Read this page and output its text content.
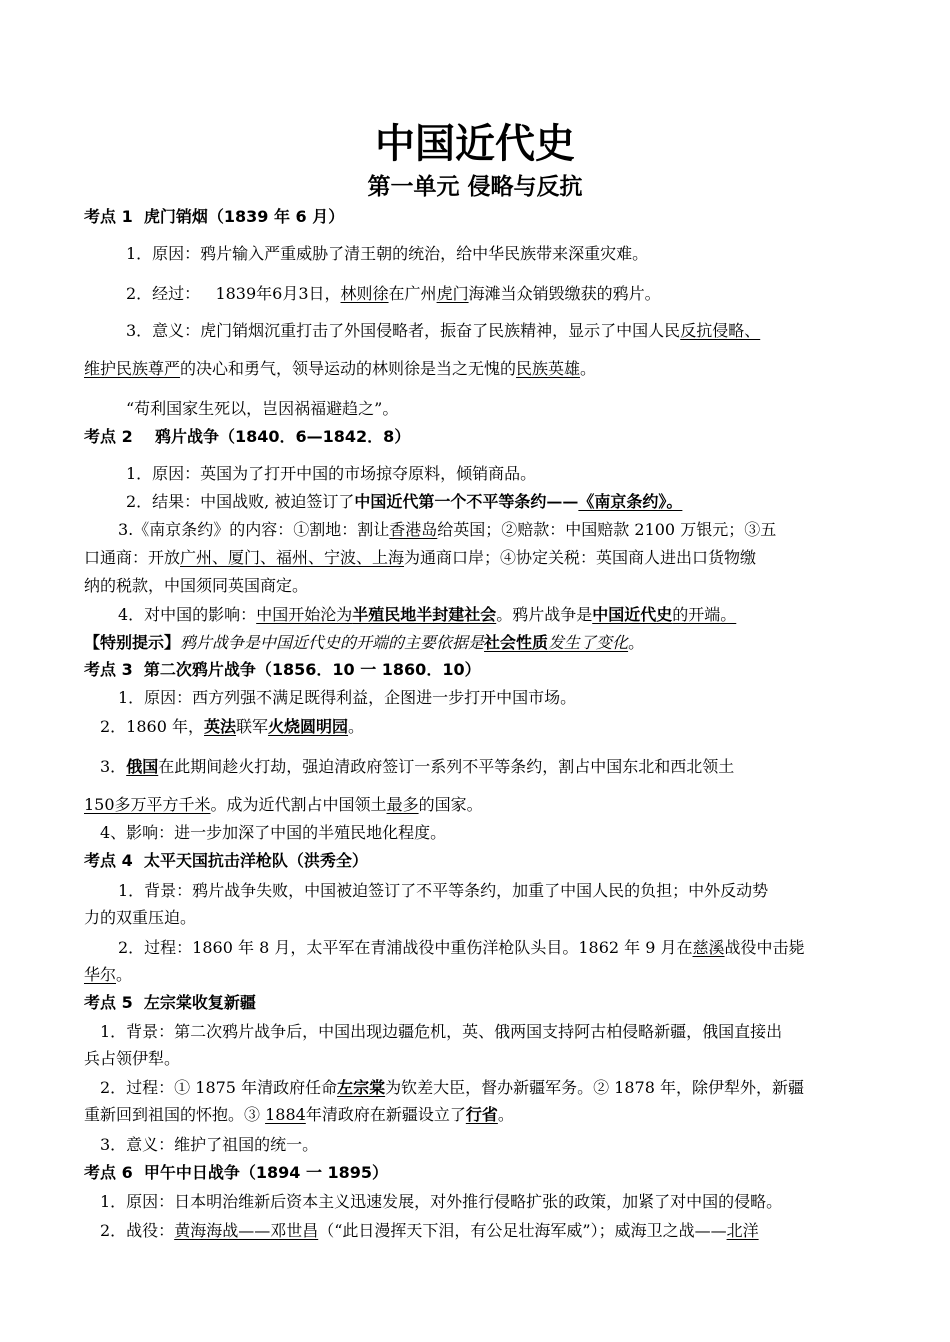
中国近代史
第一单元 侵略与反抗
考点 1  虎门销烟（1839 年 6 月）
1．原因：鸦片输入严重威胁了清王朝的统治，给中华民族带来深重灾难。
2．经过：   1839年6月3日，林则徐在广州虎门海滩当众销毁缴获的鸦片。
3．意义：虎门销烟沉重打击了外国侵略者，振奋了民族精神，显示了中国人民反抗侵略、
维护民族尊严的决心和勇气，领导运动的林则徐是当之无愧的民族英雄。
“苟利国家生死以，岂因祸福避趋之”。
考点 2    鸦片战争（1840．6—1842．8）
1．原因：英国为了打开中国的市场掠夺原料，倾销商品。
2．结果：中国战败, 被迫签订了中国近代第一个不平等条约——《南京条约》。
3.《南京条约》的内容：①割地：割让香港岛给英国；②赔款：中国赔款 2100 万银元；③五
口通商：开放广州、厦门、福州、宁波、上海为通商口岸；④协定关税：英国商人进出口货物缴
纳的税款，中国须同英国商定。
4．对中国的影响：中国开始沦为半殖民地半封建社会。鸦片战争是中国近代史的开端。
【特别提示】鸦片战争是中国近代史的开端的主要依据是社会性质发生了变化。
考点 3  第二次鸦片战争（1856．10 一 1860．10）
1．原因：西方列强不满足既得利益，企图进一步打开中国市场。
2．1860 年，英法联军火烧圆明园。
3．俄国在此期间趁火打劫，强迫清政府签订一系列不平等条约，割占中国东北和西北领土
150多万平方千米。成为近代割占中国领土最多的国家。
4、影响：进一步加深了中国的半殖民地化程度。
考点 4  太平天国抗击洋枪队（洪秀全）
1．背景：鸦片战争失败，中国被迫签订了不平等条约，加重了中国人民的负担；中外反动势
力的双重压迫。
2．过程：1860 年 8 月，太平军在青浦战役中重伤洋枪队头目。1862 年 9 月在慈溪战役中击毙
华尔。
考点 5  左宗棠收复新疆
1．背景：第二次鸦片战争后，中国出现边疆危机，英、俄两国支持阿古柏侵略新疆，俄国直接出
兵占领伊犁。
2．过程：① 1875 年清政府任命左宗棠为钦差大臣，督办新疆军务。② 1878 年，除伊犁外，新疆
重新回到祖国的怀抱。③ 1884年清政府在新疆设立了行省。
3．意义：维护了祖国的统一。
考点 6  甲午中日战争（1894 一 1895）
1．原因：日本明治维新后资本主义迅速发展，对外推行侵略扩张的政策，加紧了对中国的侵略。
2．战役：黄海海战——邓世昌（“此日漫挥天下泪，有公足壮海军威”）；威海卫之战——北洋
